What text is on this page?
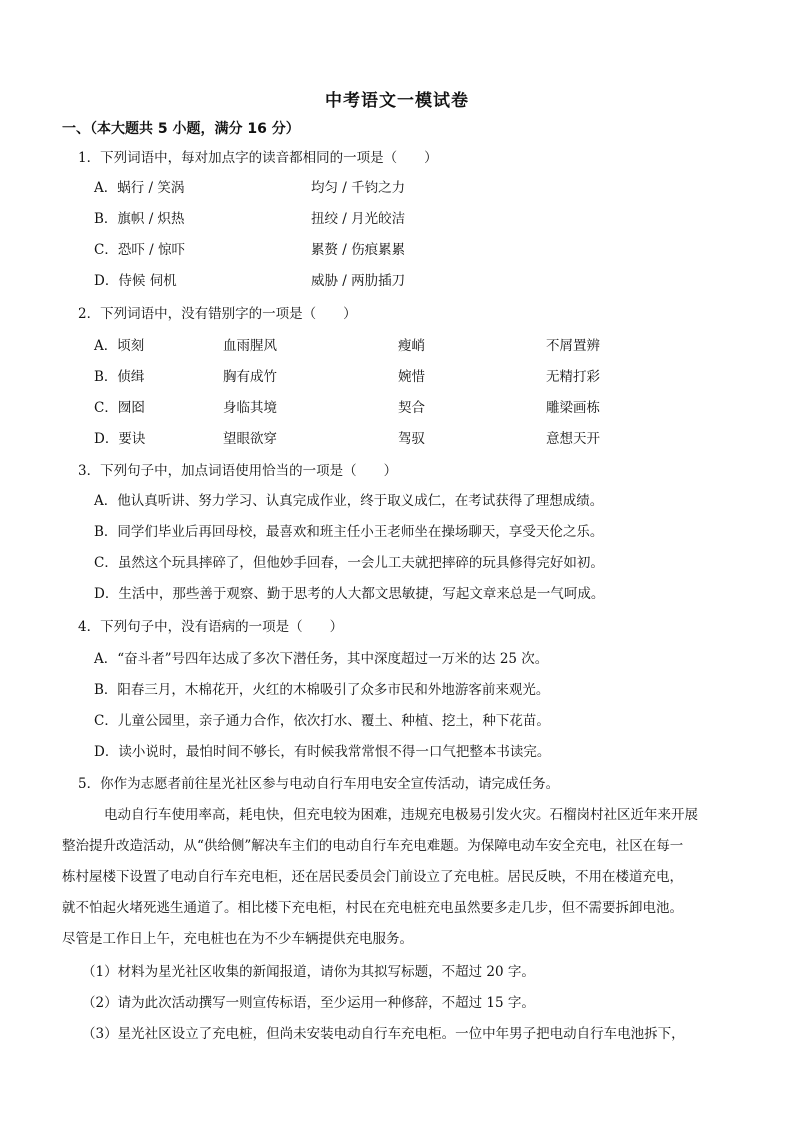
中考语文一模试卷
一、（本大题共 5 小题，满分 16 分）
1．下列词语中，每对加点字的读音都相同的一项是（　　）
A．蜗行 / 笑涡	均匀 / 千钧之力
B．旗帜 / 炽热	扭绞 / 月光皎洁
C．恐吓 / 惊吓	累赘 / 伤痕累累
D．侍候 伺机	威胁 / 两肋插刀
2．下列词语中，没有错别字的一项是（　　）
A．顷刻	血雨腥风	瘦峭	不屑置辨
B．侦缉	胸有成竹	婉惜	无精打彩
C．囫囵	身临其境	契合	雕梁画栋
D．要诀	望眼欲穿	驾驭	意想天开
3．下列句子中，加点词语使用恰当的一项是（　　）
A．他认真听讲、努力学习、认真完成作业，终于取义成仁，在考试获得了理想成绩。
B．同学们毕业后再回母校，最喜欢和班主任小王老师坐在操场聊天，享受天伦之乐。
C．虽然这个玩具摔碎了，但他妙手回春，一会儿工夫就把摔碎的玩具修得完好如初。
D．生活中，那些善于观察、勤于思考的人大都文思敏捷，写起文章来总是一气呵成。
4．下列句子中，没有语病的一项是（　　）
A．“奋斗者”号四年达成了多次下潜任务，其中深度超过一万米的达 25 次。
B．阳春三月，木棉花开，火红的木棉吸引了众多市民和外地游客前来观光。
C．儿童公园里，亲子通力合作，依次打水、覆土、种植、挖土，种下花苗。
D．读小说时，最怕时间不够长，有时候我常常恨不得一口气把整本书读完。
5．你作为志愿者前往星光社区参与电动自行车用电安全宣传活动，请完成任务。
电动自行车使用率高，耗电快，但充电较为困难，违规充电极易引发火灾。石榴岗村社区近年来开展
整治提升改造活动，从“供给侧”解决车主们的电动自行车充电难题。为保障电动车安全充电，社区在每一
栋村屋楼下设置了电动自行车充电柜，还在居民委员会门前设立了充电桩。居民反映，不用在楼道充电，
就不怕起火堵死逃生通道了。相比楼下充电柜，村民在充电桩充电虽然要多走几步，但不需要拆卸电池。
尽管是工作日上午，充电桩也在为不少车辆提供充电服务。
（1）材料为星光社区收集的新闻报道，请你为其拟写标题，不超过 20 字。
（2）请为此次活动撰写一则宣传标语，至少运用一种修辞，不超过 15 字。
（3）星光社区设立了充电桩，但尚未安装电动自行车充电柜。一位中年男子把电动自行车电池拆下，
